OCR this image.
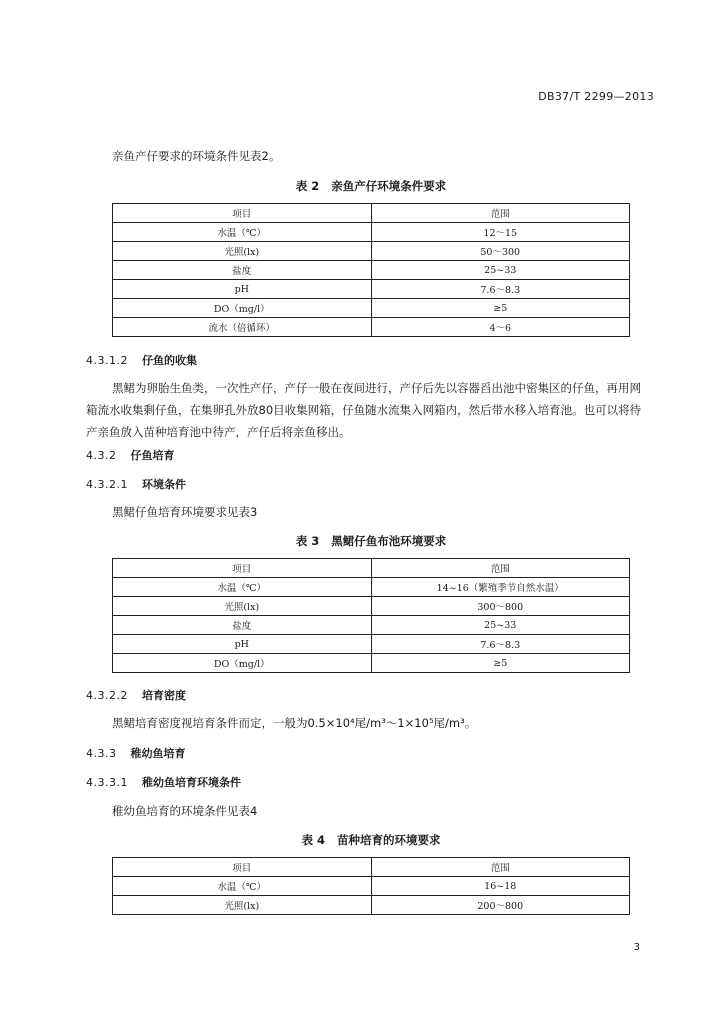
DB37/T 2299—2013
亲鱼产仔要求的环境条件见表2。
表 2 亲鱼产仔环境条件要求
项目	范围
水温（℃）	12～15
光照(lx)	50～300
盐度	25~33
pH	7.6～8.3
DO（mg/l）	≥5
流水（倍循环）	4～6
4.3.1.2 仔鱼的收集
黑鲪为卵胎生鱼类，一次性产仔，产仔一般在夜间进行，产仔后先以容器舀出池中密集区的仔鱼，再用网箱流水收集剩仔鱼，在集卵孔外放80目收集网箱，仔鱼随水流集入网箱内，然后带水移入培育池。也可以将待产亲鱼放入苗种培育池中待产，产仔后将亲鱼移出。
4.3.2 仔鱼培育
4.3.2.1 环境条件
黑鲪仔鱼培育环境要求见表3
表 3 黑鲪仔鱼布池环境要求
项目	范围
水温（℃）	14~16（繁殖季节自然水温）
光照(lx)	300～800
盐度	25~33
pH	7.6～8.3
DO（mg/l）	≥5
4.3.2.2 培育密度
黑鲪培育密度视培育条件而定，一般为0.5×10⁴尾/m³～1×10⁵尾/m³。
4.3.3 稚幼鱼培育
4.3.3.1 稚幼鱼培育环境条件
稚幼鱼培育的环境条件见表4
表 4 苗种培育的环境要求
项目	范围
水温（℃）	16~18
光照(lx)	200～800
3
